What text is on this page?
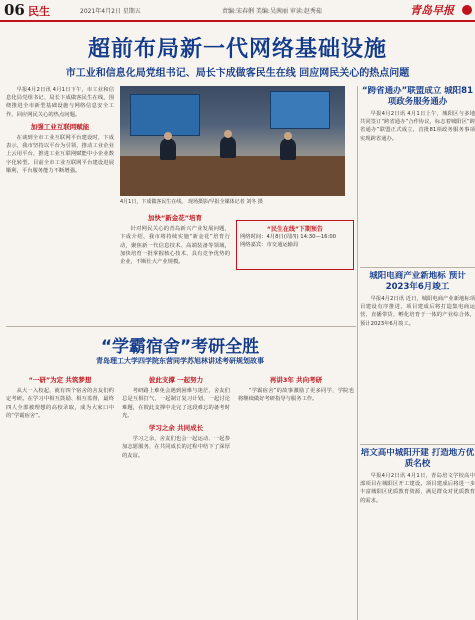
06 民生	2021年4月2日 星期五	责编:宋春俐 美编:吴茜丽 审读:赵秀茹	青岛早报
超前布局新一代网络基础设施
市工业和信息化局党组书记、局长卞成做客民生在线 回应网民关心的热点问题

早报4月2日讯 4月1日下午，市工业和信息化局党组书记、局长卞成做客民生在线，围绕推进全市新型基础设施与网络信息安全工作，回应网民关心的热点问题。

加强工业互联网赋能

在谈到全市工业互联网平台建设时，卞成表示，我市坚持以平台为引领，推动工业企业上云用平台，推进工业互联网赋能中小企业数字化转型。目前全市工业互联网平台建设进展顺利，平台服务能力不断增强。

4月1日，卞成做客民生在线。 现场摄影/早报全媒体记者 刘冬 摄
加快“新金花”培育

针对网民关心的青岛新兴产业发展问题，卞成介绍，我市将持续实施“新金花”培育行动，聚焦新一代信息技术、高端装备等领域，加快培育一批掌握核心技术、具有竞争优势的企业，不断壮大产业规模。

“民生在线”下期预告
网络时间：4月8日(周四) 14:30—16:00
网络嘉宾：市交通运输局
“学霸宿舍”考研全胜
青岛理工大学四学院东营同学苏旭林讲述考研规划故事
“一研”为定 共筑梦想

从大一入校起，就有四个宿舍的舍友们约定考研。在学习中相互鼓励、相互监督，最终四人全部被理想的高校录取，成为大家口中的“学霸宿舍”。

彼此支撑 一起努力

考研路上难免会遇到困难与迷茫，舍友们总是互相打气，一起制订复习计划，一起讨论难题，在彼此支撑中走完了这段难忘的备考时光。

学习之余 共同成长

学习之余，舍友们也会一起运动、一起参加志愿服务，在共同成长的过程中结下了深厚的友谊。

再讲3年 共向考研

“学霸宿舍”的故事激励了更多同学，学院也将继续做好考研指导与服务工作。

“跨省通办”联盟成立 城阳81项政务服务通办

早报4月2日讯 4月1日上午，城阳区与多地共同签订“跨省通办”合作协议，标志着城阳区“跨省通办”联盟正式成立，首批81项政务服务事项实现跨省通办。

城阳电商产业新地标 预计2023年6月竣工

早报4月2日讯 近日，城阳电商产业新地标项目建设有序推进，项目建成后将打造集电商运营、直播带货、孵化培育于一体的产业综合体，预计2023年6月竣工。

培文高中城阳开建 打造地方优质名校

早报4月2日讯 4月1日，青岛培文学校高中部项目在城阳区开工建设。项目建成后将进一步丰富城阳区优质教育资源，满足群众对优质教育的需求。
